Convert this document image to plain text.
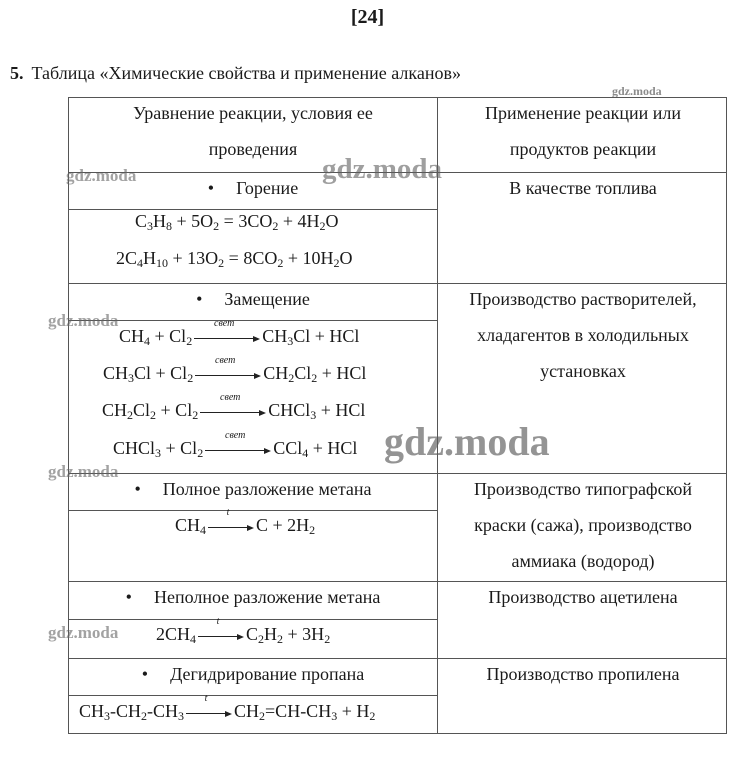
[24]
5. Таблица «Химические свойства и применение алканов»
Уравнение реакции, условия ее
проведения
Применение реакции или
продуктов реакции
• Горение
• Замещение
• Полное разложение метана
• Неполное разложение метана
• Дегидрирование пропана
В качестве топлива
Производство растворителей,
хладагентов в холодильных
установках
Производство типографской
краски (сажа), производство
аммиака (водород)
Производство ацетилена
Производство пропилена
$C_3H_8 + 5O_2 = 3CO_2 + 4H_2O$
$2C_4H_{10} + 13O_2 = 8CO_2 + 10H_2O$
$CH_4 + Cl_2$
свет
$CH_3Cl$ + HCl
$CH_3Cl + Cl_2$
свет
$CH_2Cl_2$ + HCl
$CH_2Cl_2 + Cl_2$
свет
CHCl$_3$ + HCl
CHCl$_3$ + $Cl_2$
свет
CCl$_4$ + HCl
$CH_4$
t
$C + 2H_2$
$2CH_4$
t
$C_2H_2 + 3H_2$
$CH_3-CH_2-CH_3$
t
$CH_2=CH-CH_3 + H_2$
gdz.moda	gdz.moda
gdz.moda
gdz.moda
gdz.moda
gdz.moda
gdz.moda
